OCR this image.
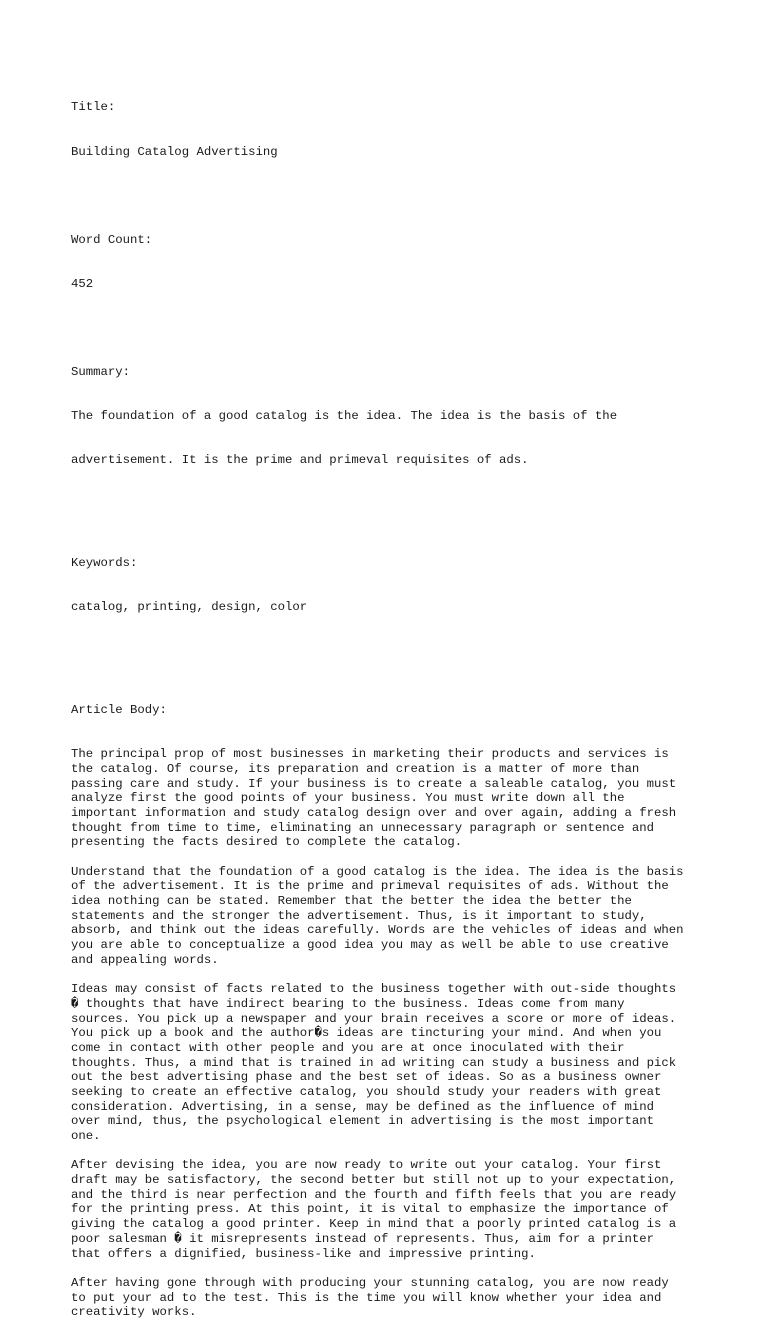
Title:

Building Catalog Advertising

Word Count:

452

Summary:

The foundation of a good catalog is the idea. The idea is the basis of the

advertisement. It is the prime and primeval requisites of ads.

Keywords:

catalog, printing, design, color

Article Body:

The principal prop of most businesses in marketing their products and services is
the catalog. Of course, its preparation and creation is a matter of more than
passing care and study. If your business is to create a saleable catalog, you must
analyze first the good points of your business. You must write down all the
important information and study catalog design over and over again, adding a fresh
thought from time to time, eliminating an unnecessary paragraph or sentence and
presenting the facts desired to complete the catalog.
Understand that the foundation of a good catalog is the idea. The idea is the basis
of the advertisement. It is the prime and primeval requisites of ads. Without the
idea nothing can be stated. Remember that the better the idea the better the
statements and the stronger the advertisement. Thus, is it important to study,
absorb, and think out the ideas carefully. Words are the vehicles of ideas and when
you are able to conceptualize a good idea you may as well be able to use creative
and appealing words.
Ideas may consist of facts related to the business together with out-side thoughts
� thoughts that have indirect bearing to the business. Ideas come from many
sources. You pick up a newspaper and your brain receives a score or more of ideas.
You pick up a book and the author�s ideas are tincturing your mind. And when you
come in contact with other people and you are at once inoculated with their
thoughts. Thus, a mind that is trained in ad writing can study a business and pick
out the best advertising phase and the best set of ideas. So as a business owner
seeking to create an effective catalog, you should study your readers with great
consideration. Advertising, in a sense, may be defined as the influence of mind
over mind, thus, the psychological element in advertising is the most important
one.
After devising the idea, you are now ready to write out your catalog. Your first
draft may be satisfactory, the second better but still not up to your expectation,
and the third is near perfection and the fourth and fifth feels that you are ready
for the printing press. At this point, it is vital to emphasize the importance of
giving the catalog a good printer. Keep in mind that a poorly printed catalog is a
poor salesman � it misrepresents instead of represents. Thus, aim for a printer
that offers a dignified, business-like and impressive printing.
After having gone through with producing your stunning catalog, you are now ready
to put your ad to the test. This is the time you will know whether your idea and
creativity works.
